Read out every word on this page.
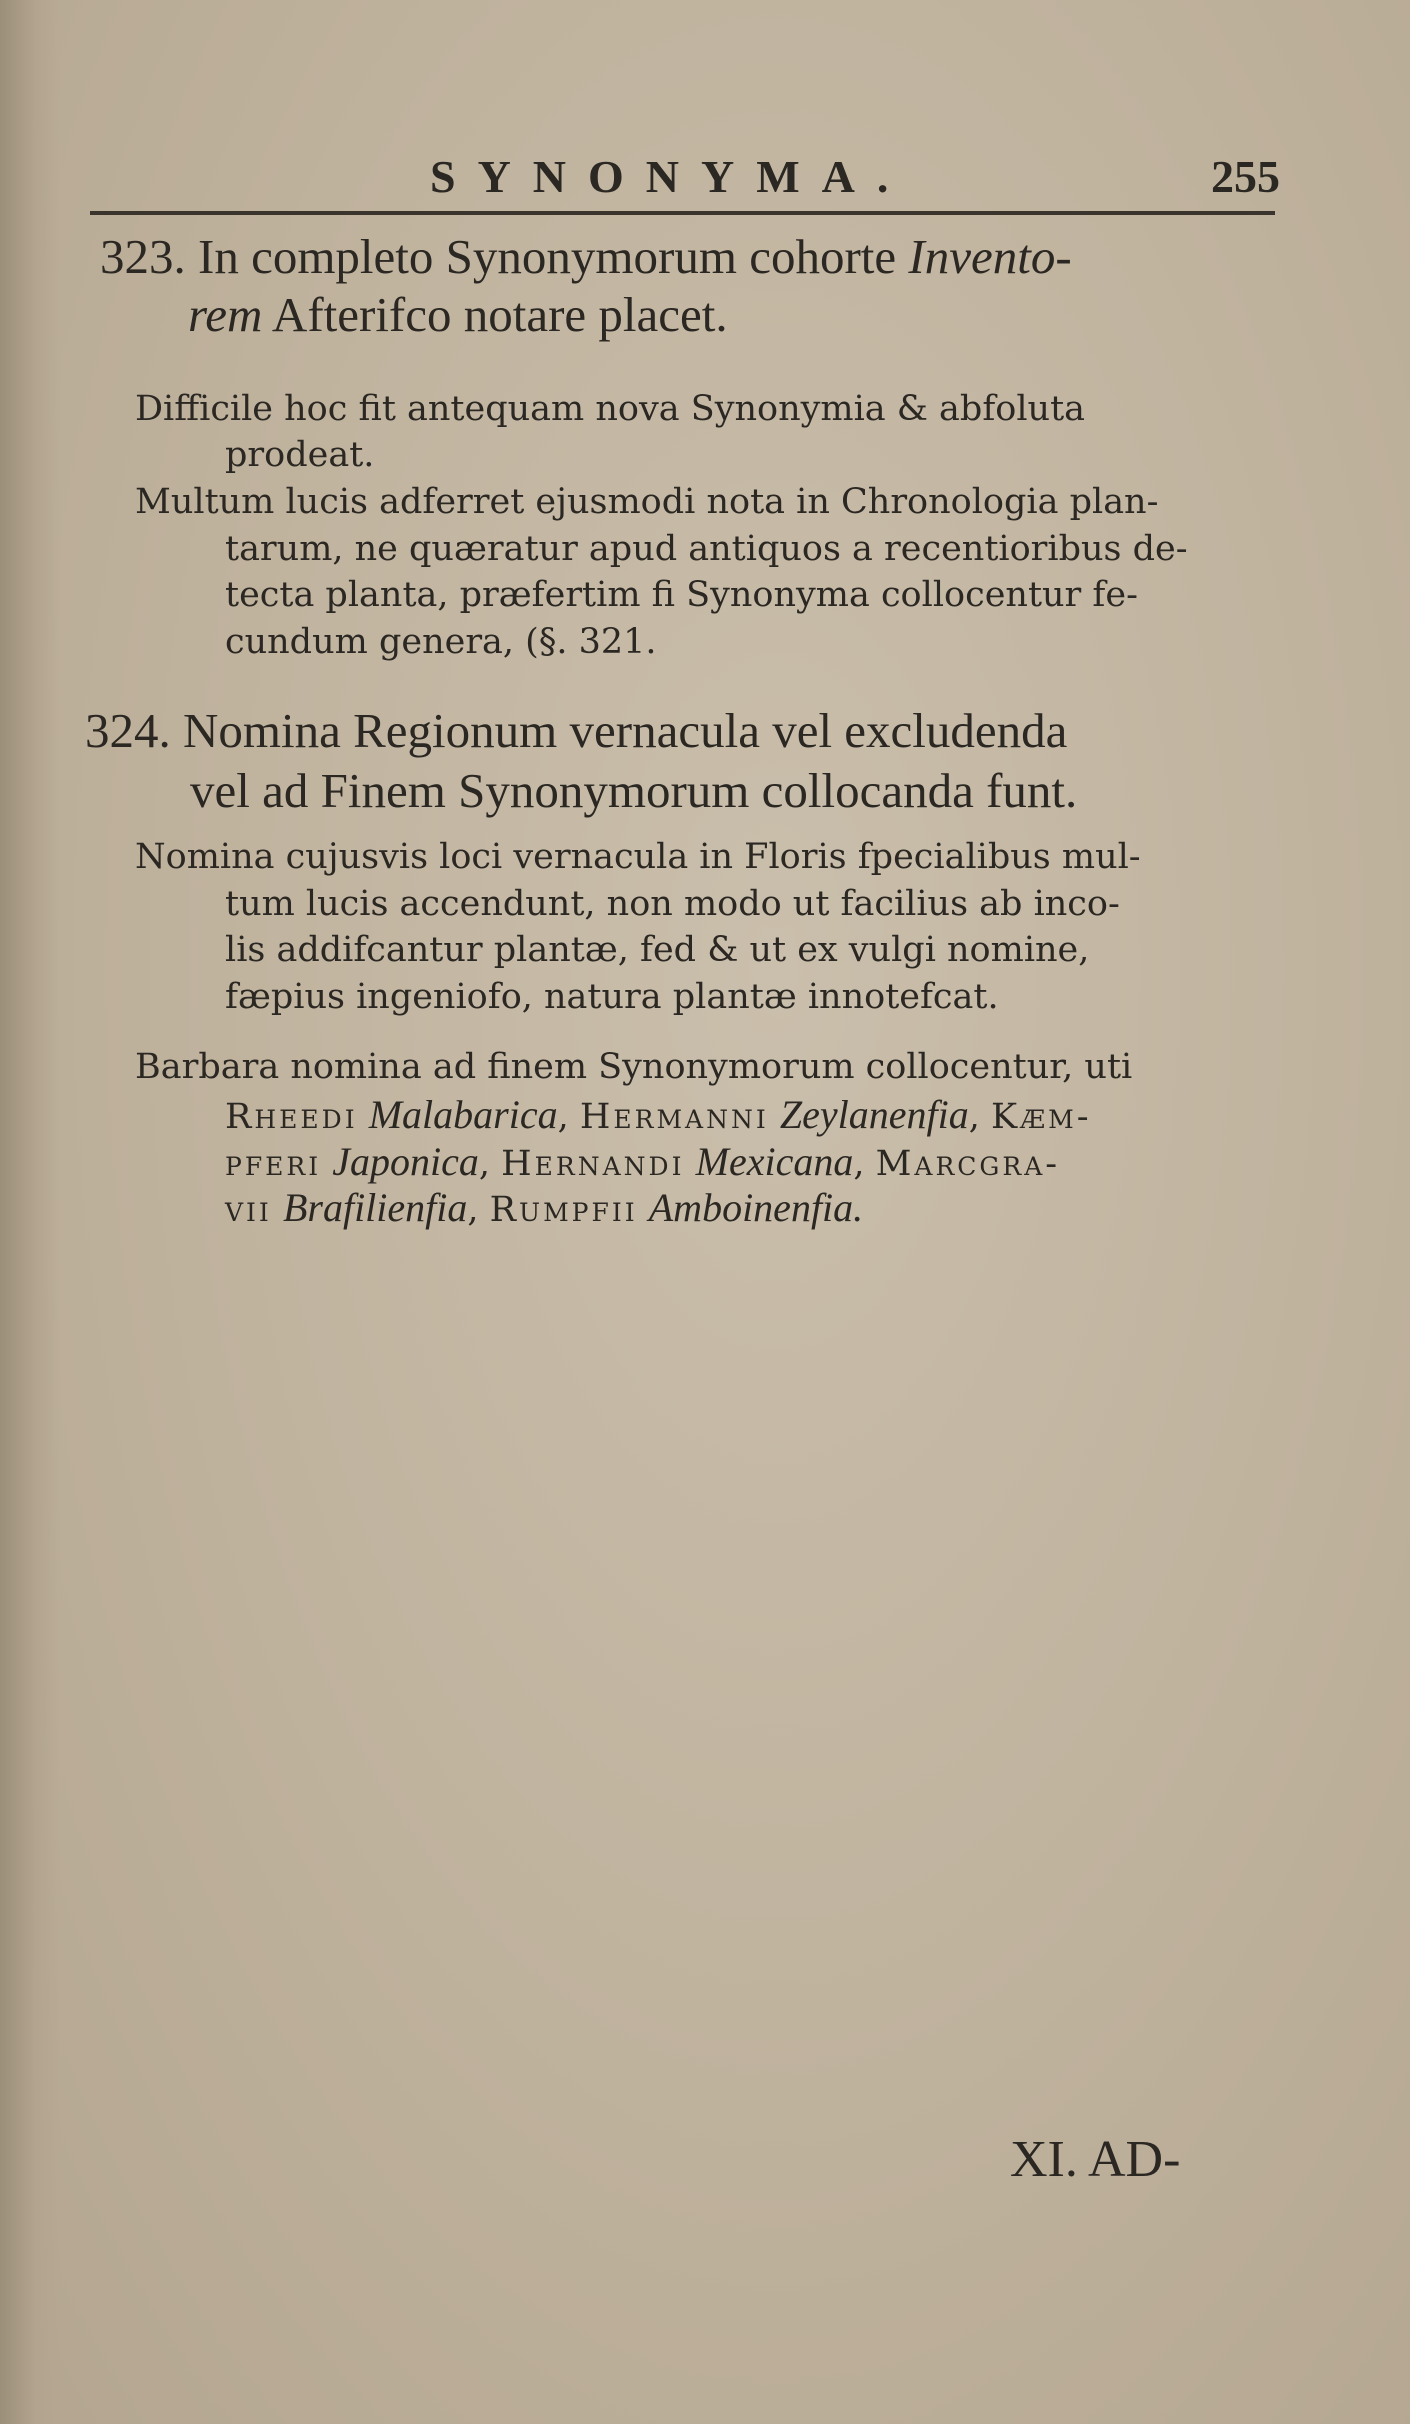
SYNONYMA.	255
323. In completo Synonymorum cohorte Invento-
rem Afterifco notare placet.
Difficile hoc fit antequam nova Synonymia & abfoluta
prodeat.
Multum lucis adferret ejusmodi nota in Chronologia plan-
tarum, ne quæratur apud antiquos a recentioribus de-
tecta planta, præfertim fi Synonyma collocentur fe-
cundum genera, (§. 321.
324. Nomina Regionum vernacula vel excludenda
vel ad Finem Synonymorum collocanda funt.
Nomina cujusvis loci vernacula in Floris fpecialibus mul-
tum lucis accendunt, non modo ut facilius ab inco-
lis addifcantur plantæ, fed & ut ex vulgi nomine,
fæpius ingeniofo, natura plantæ innotefcat.
Barbara nomina ad finem Synonymorum collocentur, uti
Rheedi Malabarica, Hermanni Zeylanenfia, Kæm-
pferi Japonica, Hernandi Mexicana, Marcgra-
vii Brafilienfia, Rumpfii Amboinenfia.
XI. AD-
